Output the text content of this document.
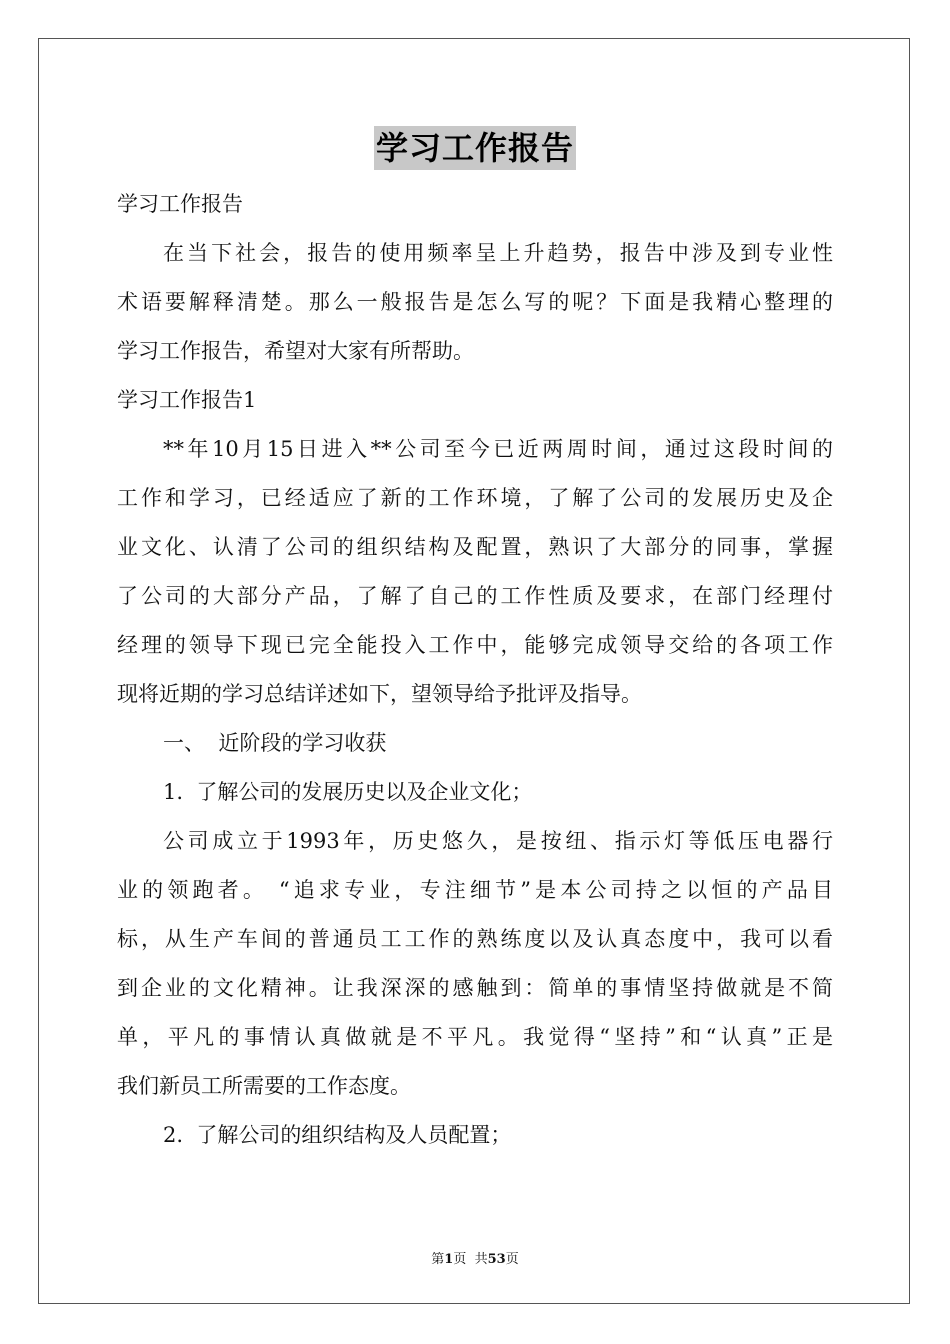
学习工作报告
学习工作报告
在当下社会，报告的使用频率呈上升趋势，报告中涉及到专业性
术语要解释清楚。那么一般报告是怎么写的呢？下面是我精心整理的
学习工作报告，希望对大家有所帮助。
学习工作报告1
**年10月15日进入**公司至今已近两周时间，通过这段时间的
工作和学习，已经适应了新的工作环境，了解了公司的发展历史及企
业文化、认清了公司的组织结构及配置，熟识了大部分的同事，掌握
了公司的大部分产品，了解了自己的工作性质及要求，在部门经理付
经理的领导下现已完全能投入工作中，能够完成领导交给的各项工作
现将近期的学习总结详述如下，望领导给予批评及指导。
一、  近阶段的学习收获
1.  了解公司的发展历史以及企业文化；
公司成立于1993年，历史悠久，是按纽、指示灯等低压电器行
业的领跑者。 “追求专业，专注细节”是本公司持之以恒的产品目
标，从生产车间的普通员工工作的熟练度以及认真态度中，我可以看
到企业的文化精神。让我深深的感触到：简单的事情坚持做就是不简
单，平凡的事情认真做就是不平凡。我觉得“坚持”和“认真”正是
我们新员工所需要的工作态度。
2.  了解公司的组织结构及人员配置；
第1页  共53页
